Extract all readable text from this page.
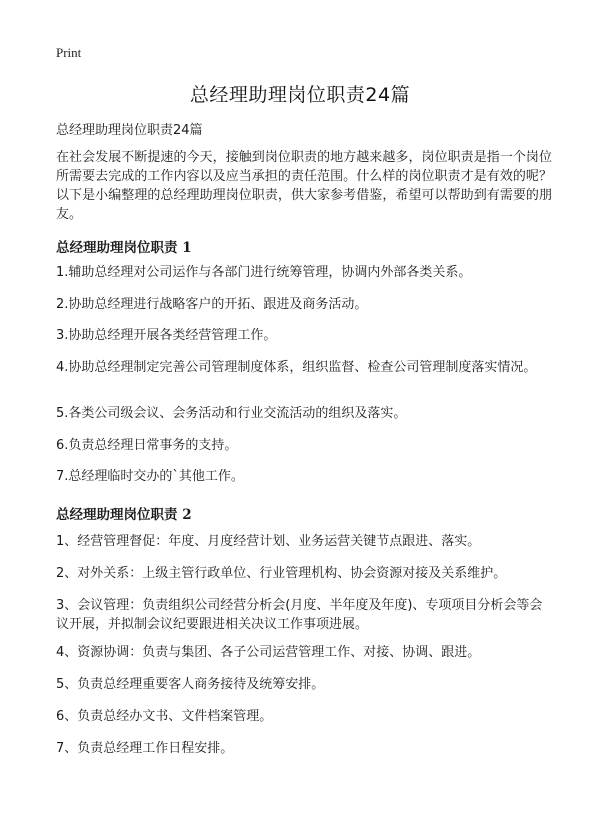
Print
总经理助理岗位职责24篇
总经理助理岗位职责24篇

在社会发展不断提速的今天，接触到岗位职责的地方越来越多，岗位职责是指一个岗位所需要去完成的工作内容以及应当承担的责任范围。什么样的岗位职责才是有效的呢？以下是小编整理的总经理助理岗位职责，供大家参考借鉴，希望可以帮助到有需要的朋友。

总经理助理岗位职责 1

1.辅助总经理对公司运作与各部门进行统筹管理，协调内外部各类关系。

2.协助总经理进行战略客户的开拓、跟进及商务活动。

3.协助总经理开展各类经营管理工作。

4.协助总经理制定完善公司管理制度体系，组织监督、检查公司管理制度落实情况。

5.各类公司级会议、会务活动和行业交流活动的组织及落实。

6.负责总经理日常事务的支持。

7.总经理临时交办的`其他工作。

总经理助理岗位职责 2

1、经营管理督促：年度、月度经营计划、业务运营关键节点跟进、落实。

2、对外关系：上级主管行政单位、行业管理机构、协会资源对接及关系维护。

3、会议管理：负责组织公司经营分析会(月度、半年度及年度)、专项项目分析会等会议开展，并拟制会议纪要跟进相关决议工作事项进展。

4、资源协调：负责与集团、各子公司运营管理工作、对接、协调、跟进。

5、负责总经理重要客人商务接待及统筹安排。

6、负责总经办文书、文件档案管理。

7、负责总经理工作日程安排。
